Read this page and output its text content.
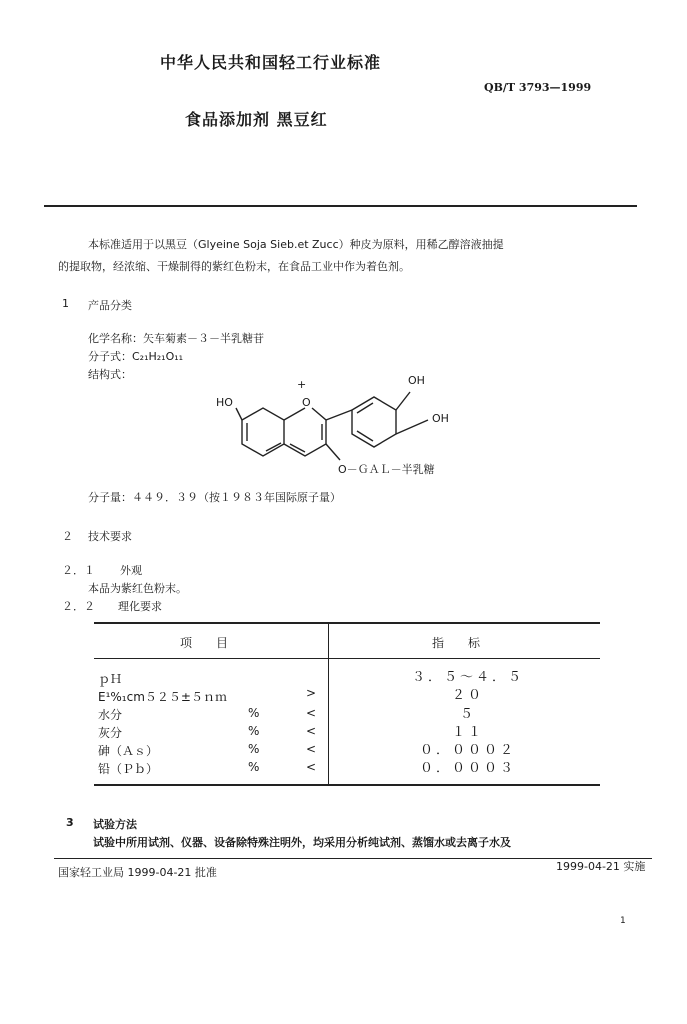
中华人民共和国轻工行业标准
QB/T 3793—1999
食品添加剂 黑豆红
本标准适用于以黑豆（Glyeine Soja Sieb.et Zucc）种皮为原料，用稀乙醇溶液抽提
的提取物，经浓缩、干燥制得的紫红色粉末，在食品工业中作为着色剂。
1 产品分类
化学名称：矢车菊素－３－半乳糖苷
分子式：C₂₁H₂₁O₁₁
结构式：
+
HO	O
OH
OH
O－ＧＡＬ－半乳糖
分子量：４４９．３９（按１９８３年国际原子量）
２ 技术要求
２．１ 外观
本品为紫红色粉末。
２．２ 理化要求
项　　目	指　　标
ｐＨ	３．５～４．５
E¹%₁cm５２５±５ｎｍ	>	２０
水分	%	<	５
灰分	%	<	１１
砷（Ａｓ）	%	<	０．０００２
铅（Ｐｂ）	%	<	０．０００３
3 试验方法
试验中所用试剂、仪器、设备除特殊注明外，均采用分析纯试剂、蒸馏水或去离子水及
国家轻工业局 1999-04-21 批准	1999-04-21 实施
1
